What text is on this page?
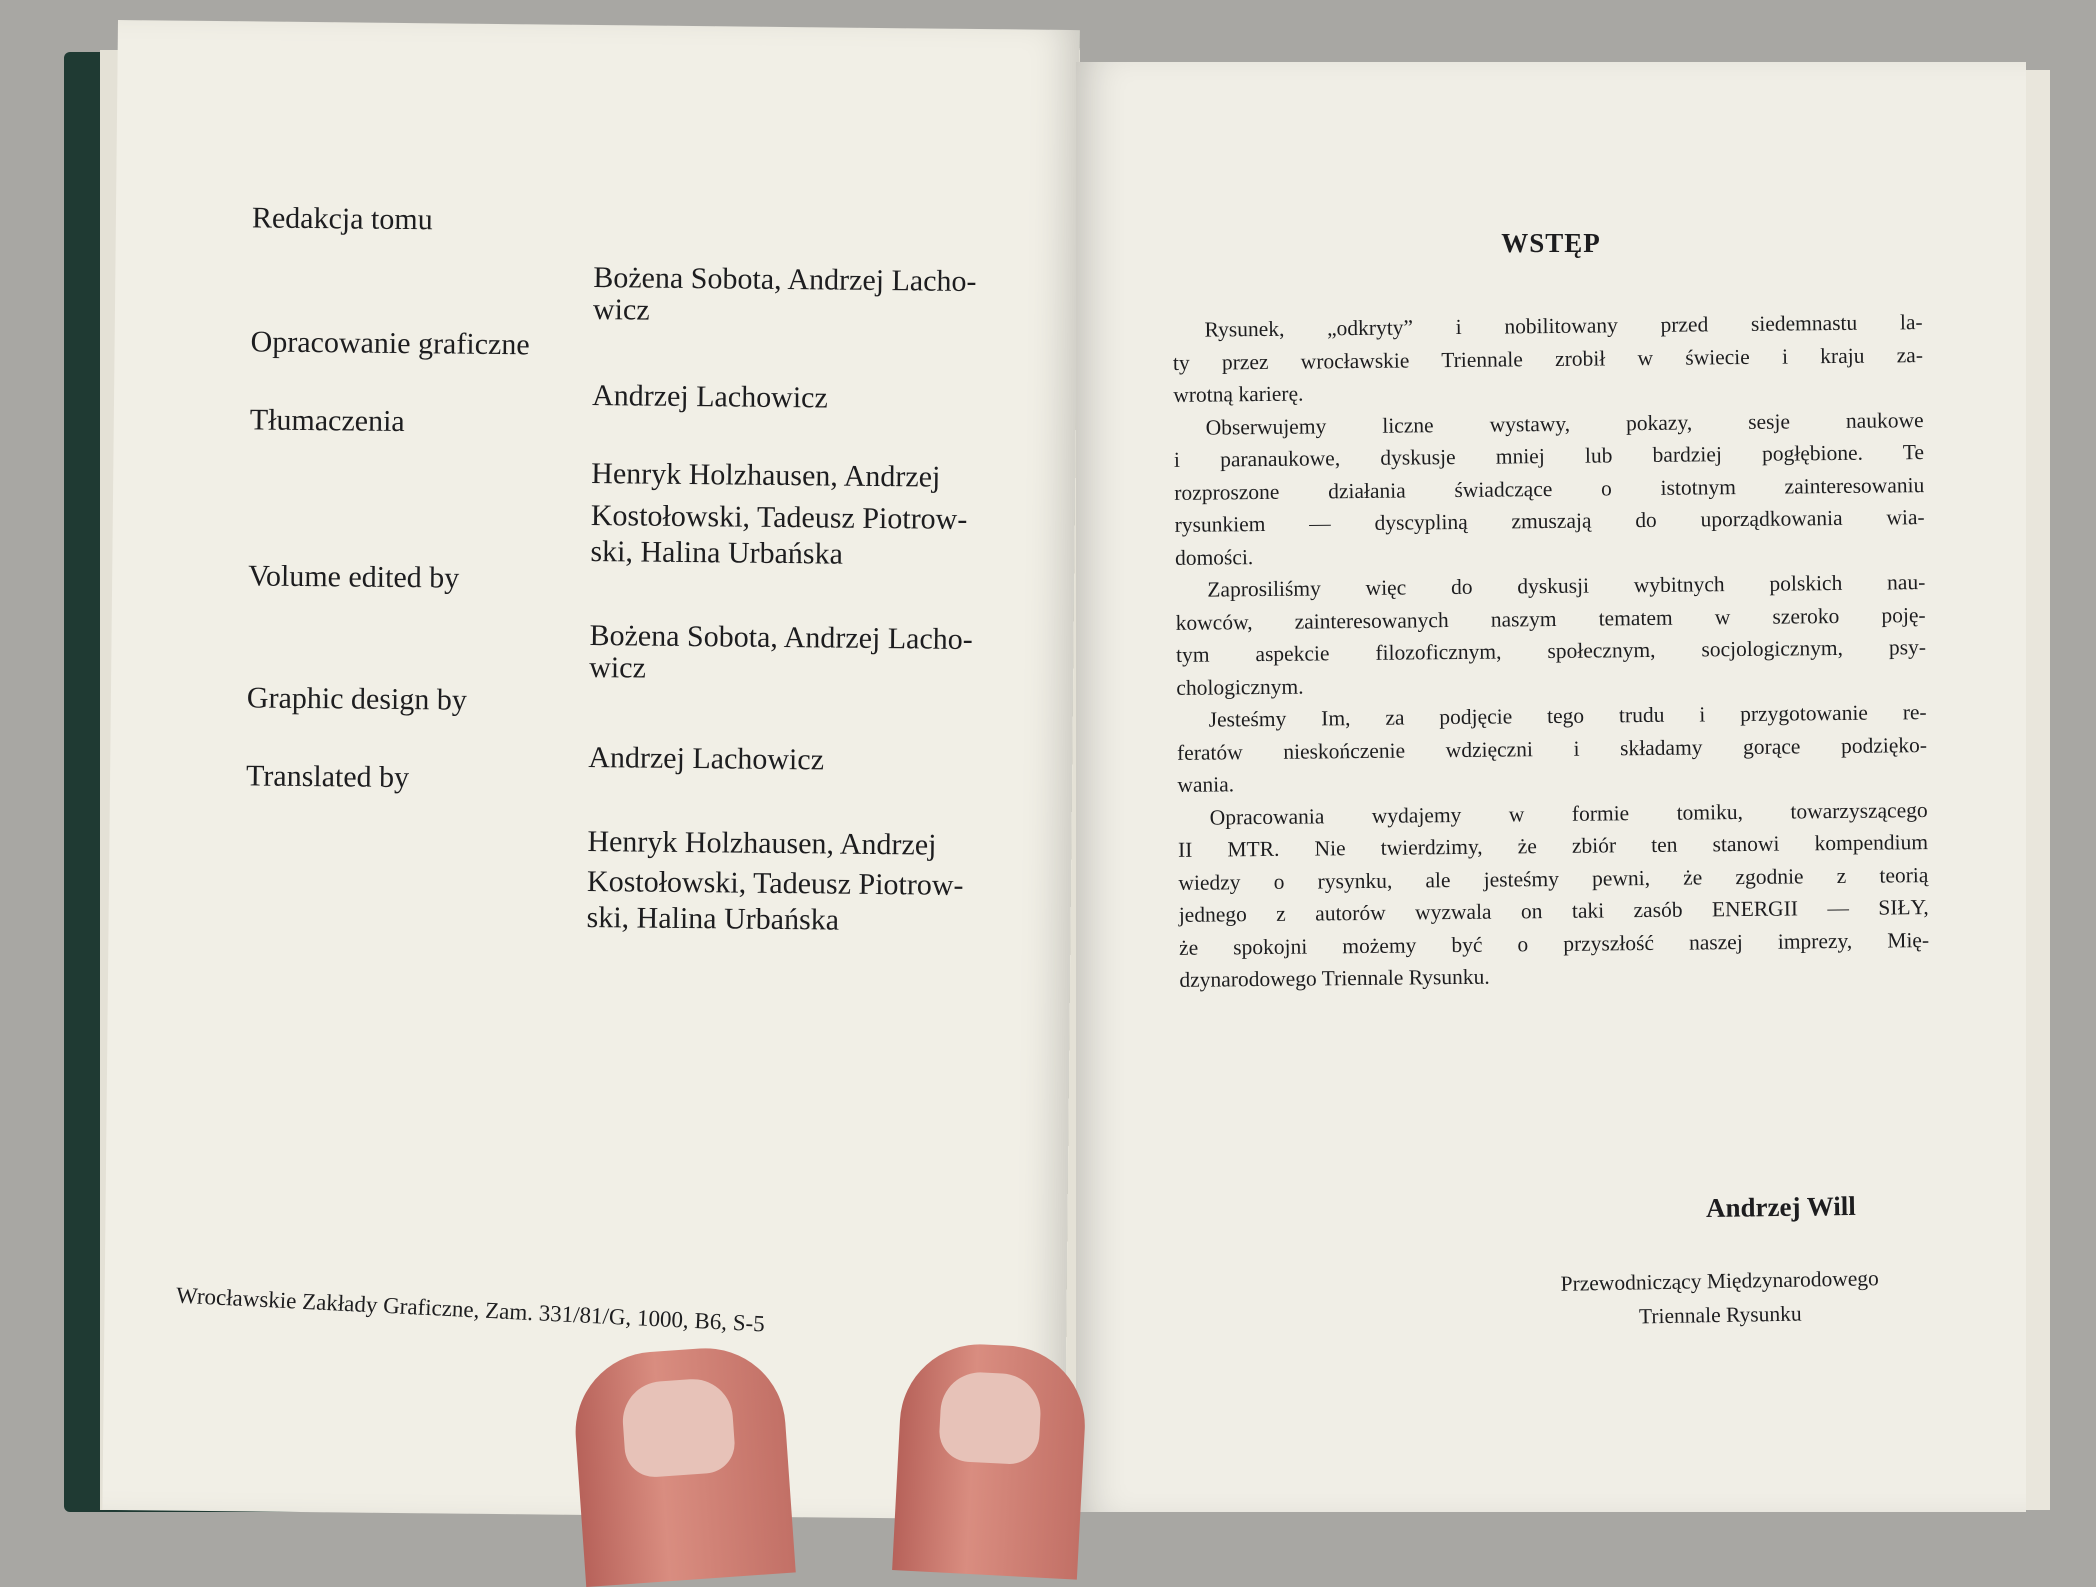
Redakcja tomu
Bożena Sobota, Andrzej Lacho-
wicz
Opracowanie graficzne
Andrzej Lachowicz
Tłumaczenia
Henryk Holzhausen, Andrzej
Kostołowski, Tadeusz Piotrow-
ski, Halina Urbańska
Volume edited by
Bożena Sobota, Andrzej Lacho-
wicz
Graphic design by
Andrzej Lachowicz
Translated by
Henryk Holzhausen, Andrzej
Kostołowski, Tadeusz Piotrow-
ski, Halina Urbańska
Wrocławskie Zakłady Graficzne, Zam. 331/81/G, 1000, B6, S-5
WSTĘP
Rysunek, „odkryty” i nobilitowany przed siedemnastu la-
ty przez wrocławskie Triennale zrobił w świecie i kraju za-
wrotną karierę.
Obserwujemy liczne wystawy, pokazy, sesje naukowe
i paranaukowe, dyskusje mniej lub bardziej pogłębione. Te
rozproszone działania świadczące o istotnym zainteresowaniu
rysunkiem — dyscypliną zmuszają do uporządkowania wia-
domości.
Zaprosiliśmy więc do dyskusji wybitnych polskich nau-
kowców, zainteresowanych naszym tematem w szeroko poję-
tym aspekcie filozoficznym, społecznym, socjologicznym, psy-
chologicznym.
Jesteśmy Im, za podjęcie tego trudu i przygotowanie re-
feratów nieskończenie wdzięczni i składamy gorące podzięko-
wania.
Opracowania wydajemy w formie tomiku, towarzyszącego
II MTR. Nie twierdzimy, że zbiór ten stanowi kompendium
wiedzy o rysynku, ale jesteśmy pewni, że zgodnie z teorią
jednego z autorów wyzwala on taki zasób ENERGII — SIŁY,
że spokojni możemy być o przyszłość naszej imprezy, Mię-
dzynarodowego Triennale Rysunku.
Andrzej Will
Przewodniczący Międzynarodowego
Triennale Rysunku
